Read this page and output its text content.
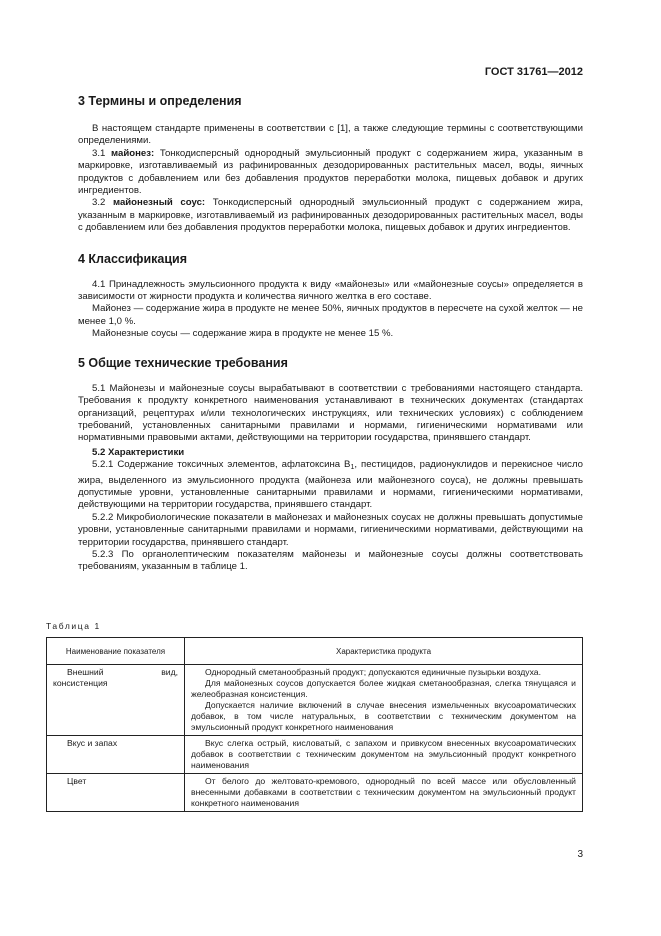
ГОСТ 31761—2012
3 Термины и определения

В настоящем стандарте применены в соответствии с [1], а также следующие термины с соответствующими определениями.

3.1 майонез: Тонкодисперсный однородный эмульсионный продукт с содержанием жира, указанным в маркировке, изготавливаемый из рафинированных дезодорированных растительных масел, воды, яичных продуктов с добавлением или без добавления продуктов переработки молока, пищевых добавок и других ингредиентов.

3.2 майонезный соус: Тонкодисперсный однородный эмульсионный продукт с содержанием жира, указанным в маркировке, изготавливаемый из рафинированных дезодорированных растительных масел, воды с добавлением или без добавления продуктов переработки молока, пищевых добавок и других ингредиентов.

4 Классификация

4.1 Принадлежность эмульсионного продукта к виду «майонезы» или «майонезные соусы» определяется в зависимости от жирности продукта и количества яичного желтка в его составе.

Майонез — содержание жира в продукте не менее 50%, яичных продуктов в пересчете на сухой желток — не менее 1,0 %.

Майонезные соусы — содержание жира в продукте не менее 15 %.

5 Общие технические требования

5.1 Майонезы и майонезные соусы вырабатывают в соответствии с требованиями настоящего стандарта. Требования к продукту конкретного наименования устанавливают в технических документах (стандартах организаций, рецептурах и/или технологических инструкциях, или технических условиях) с соблюдением требований, установленных санитарными правилами и нормами, гигиеническими нормативами или нормативными правовыми актами, действующими на территории государства, принявшего стандарт.

5.2 Характеристики

5.2.1 Содержание токсичных элементов, афлатоксина $B_1$, пестицидов, радионуклидов и перекисное число жира, выделенного из эмульсионного продукта (майонеза или майонезного соуса), не должны превышать допустимые уровни, установленные санитарными правилами и нормами, гигиеническими нормативами, действующими на территории государства, принявшего стандарт.

5.2.2 Микробиологические показатели в майонезах и майонезных соусах не должны превышать допустимые уровни, установленные санитарными правилами и нормами, гигиеническими нормативами, действующими на территории государства, принявшего стандарт.

5.2.3 По органолептическим показателям майонезы и майонезные соусы должны соответствовать требованиям, указанным в таблице 1.

Таблица 1
Наименование показателя	Характеристика продукта

Внешний вид, консистенция	Однородный сметанообразный продукт; допускаются единичные пузырьки воздуха.
Для майонезных соусов допускается более жидкая сметанообразная, слегка тянущаяся и желеобразная консистенция.
Допускается наличие включений в случае внесения измельченных вкусоароматических добавок, в том числе натуральных, в соответствии с техническим документом на эмульсионный продукт конкретного наименования

Вкус и запах	Вкус слегка острый, кисловатый, с запахом и привкусом внесенных вкусоароматических добавок в соответствии с техническим документом на эмульсионный продукт конкретного наименования

Цвет	От белого до желтовато-кремового, однородный по всей массе или обусловленный внесенными добавками в соответствии с техническим документом на эмульсионный продукт конкретного наименования
3
